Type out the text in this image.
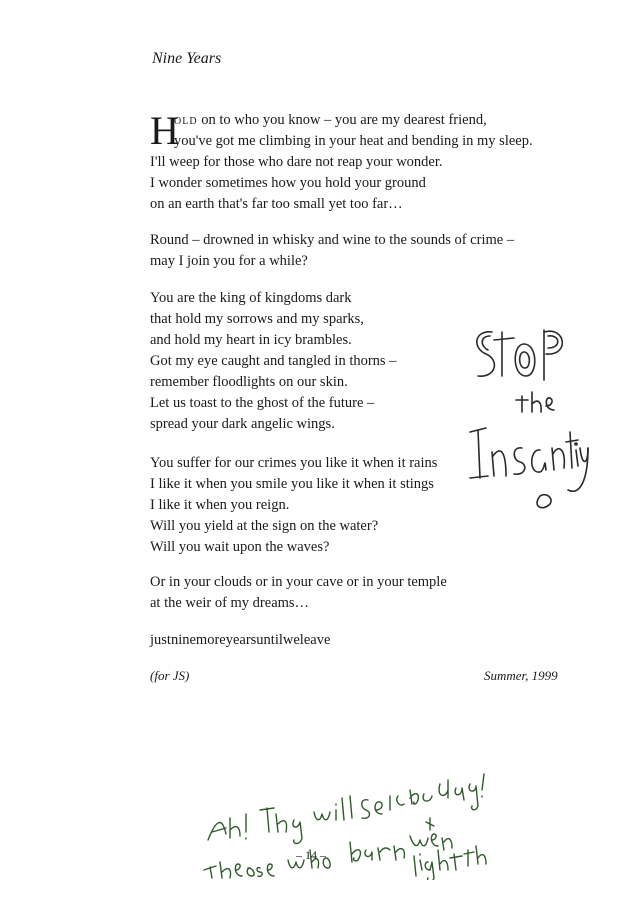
Nine Years
H
old on to who you know – you are my dearest friend,
you've got me climbing in your heat and bending in my sleep.
I'll weep for those who dare not reap your wonder.
I wonder sometimes how you hold your ground
on an earth that's far too small yet too far…
Round – drowned in whisky and wine to the sounds of crime –
may I join you for a while?
You are the king of kingdoms dark
that hold my sorrows and my sparks,
and hold my heart in icy brambles.
Got my eye caught and tangled in thorns –
remember floodlights on our skin.
Let us toast to the ghost of the future –
spread your dark angelic wings.
You suffer for our crimes you like it when it rains
I like it when you smile you like it when it stings
I like it when you reign.
Will you yield at the sign on the water?
Will you wait upon the waves?
Or in your clouds or in your cave or in your temple
at the weir of my dreams…
justninemoreyearsuntilweleave
(for JS)	Summer, 1999
– 14 –
